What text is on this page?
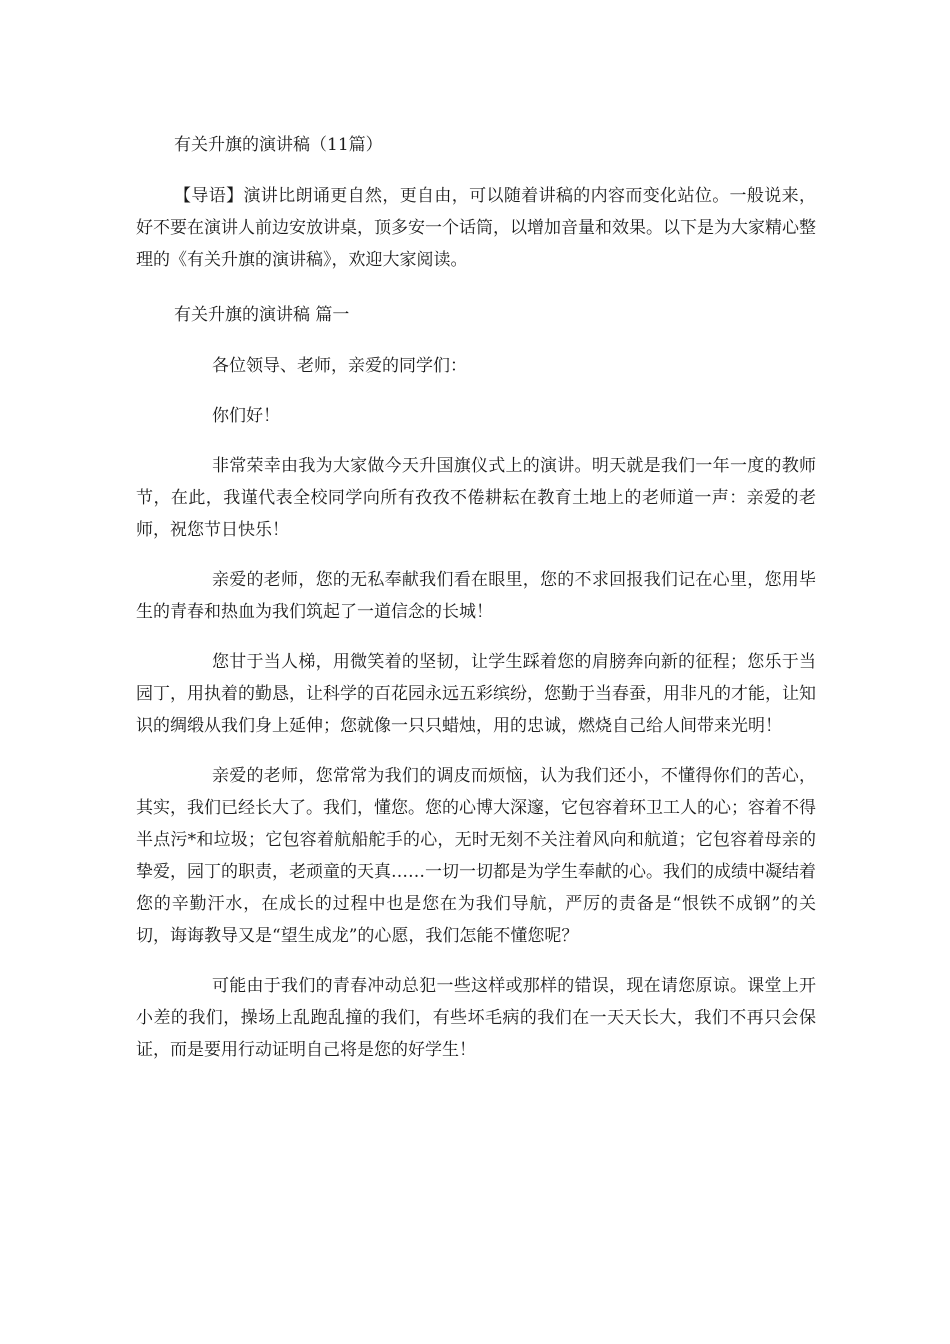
有关升旗的演讲稿（11篇）

【导语】演讲比朗诵更自然，更自由，可以随着讲稿的内容而变化站位。一般说来，好不要在演讲人前边安放讲桌，顶多安一个话筒，以增加音量和效果。以下是为大家精心整理的《有关升旗的演讲稿》，欢迎大家阅读。

有关升旗的演讲稿 篇一

各位领导、老师，亲爱的同学们：

你们好！

非常荣幸由我为大家做今天升国旗仪式上的演讲。明天就是我们一年一度的教师节，在此，我谨代表全校同学向所有孜孜不倦耕耘在教育土地上的老师道一声：亲爱的老师，祝您节日快乐！

亲爱的老师，您的无私奉献我们看在眼里，您的不求回报我们记在心里，您用毕生的青春和热血为我们筑起了一道信念的长城！

您甘于当人梯，用微笑着的坚韧，让学生踩着您的肩膀奔向新的征程；您乐于当园丁，用执着的勤恳，让科学的百花园永远五彩缤纷，您勤于当春蚕，用非凡的才能，让知识的绸缎从我们身上延伸；您就像一只只蜡烛，用的忠诚，燃烧自己给人间带来光明！

亲爱的老师，您常常为我们的调皮而烦恼，认为我们还小，不懂得你们的苦心，其实，我们已经长大了。我们，懂您。您的心博大深邃，它包容着环卫工人的心；容着不得半点污*和垃圾；它包容着航船舵手的心，无时无刻不关注着风向和航道；它包容着母亲的挚爱，园丁的职责，老顽童的天真……一切一切都是为学生奉献的心。我们的成绩中凝结着您的辛勤汗水，在成长的过程中也是您在为我们导航，严厉的责备是“恨铁不成钢”的关切，诲诲教导又是“望生成龙”的心愿，我们怎能不懂您呢？

可能由于我们的青春冲动总犯一些这样或那样的错误，现在请您原谅。课堂上开小差的我们，操场上乱跑乱撞的我们，有些坏毛病的我们在一天天长大，我们不再只会保证，而是要用行动证明自己将是您的好学生！
